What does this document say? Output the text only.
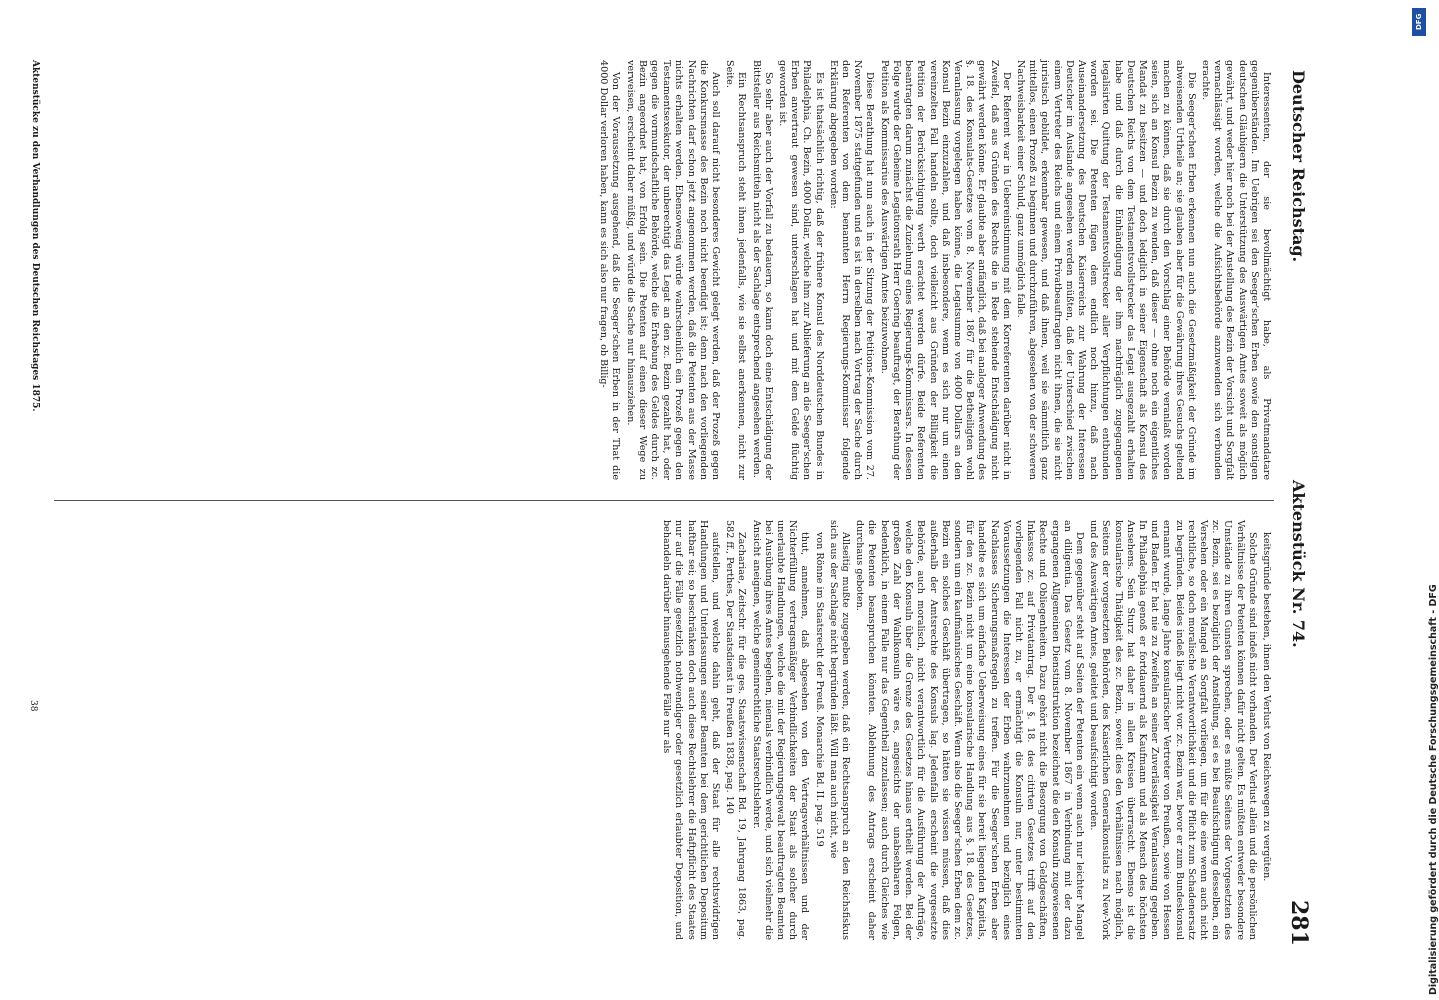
Deutscher Reichstag.
Aktenstück Nr. 74.
281

Interessenten, der sie bevollmächtigt habe, als Privatmandatare gegenüberständen. Im Uebrigen sei den Seeger'schen Erben sowie den sonstigen deutschen Gläubigern die Unterstützung des Auswärtigen Amtes soweit als möglich gewährt, und weder hier noch bei der Anstellung des Bezin der Vorsicht und Sorgfalt vernachlässigt worden, welche die Aufsichtsbehörde anzuwenden sich verbunden erachte.

Die Seeger'schen Erben erkennen nun auch die Gesetzmäßigkeit der Gründe im abweisenden Urtheile an; sie glauben aber für die Gewährung ihres Gesuchs geltend machen zu können, daß sie durch den Vorschlag einer Behörde veranlaßt worden seien, sich an Konsul Bezin zu wenden, daß dieser — ohne noch ein eigentliches Mandat zu besitzen — und doch lediglich in seiner Eigenschaft als Konsul des Deutschen Reichs von dem Testamentsvollstrecker das Legat ausgezahlt erhalten habe und daß durch die Einhändigung der ihm nachträglich zugegangenen legalisirten Quittung der Testamentsvollstrecker aller Verpflichtungen entbunden worden sei. Die Petenten fügen dem endlich noch hinzu, daß nach Auseinandersetzung des Deutschen Kaiserreichs zur Wahrung der Interessen Deutscher im Auslande angesehen werden müßten, daß der Unterschied zwischen einem Vertreter des Reichs und einem Privatbeauftragten nicht ihnen, die sie nicht juristisch gebildet, erkennbar gewesen, und daß ihnen, weil sie sämmtlich ganz mittellos, einen Prozeß zu beginnen und durchzuführen, abgesehen von der schweren Nachweisbarkeit einer Schuld, ganz unmöglich falle.

Der Referent war in Uebereinstimmung mit dem Korreferenten darüber nicht in Zweifel, daß aus Gründen des Rechts die in Rede stehende Entschädigung nicht gewährt werden könne. Er glaubte aber anfänglich, daß bei analoger Anwendung des §. 18. des Konsulats-Gesetzes vom 8. November 1867 für die Betheiligten wohl Veranlassung vorgelegen haben könne, die Legatsumme von 4000 Dollars an den Konsul Bezin einzuzahlen, und daß insbesondere, wenn es sich nur um einen vereinzelten Fall handeln sollte, doch vielleicht aus Gründen der Billigkeit die Petition der Berücksichtigung werth erachtet werden dürfe. Beide Referenten beantragten darum zunächst die Zuziehung eines Regierungs-Kommissars. In dessen Folge wurde der Geheime Legationsrath Herr Goering beauftragt, der Berathung der Petition als Kommissarius des Auswärtigen Amtes beizuwohnen.

Diese Berathung hat nun auch in der Sitzung der Petitions-Kommission vom 27. November 1875 stattgefunden und es ist in derselben nach Vortrag der Sache durch den Referenten von dem benannten Herrn Regierungs-Kommissar folgende Erklärung abgegeben worden:

Es ist thatsächlich richtig, daß der frühere Konsul des Norddeutschen Bundes in Philadelphia, Ch. Bezin, 4000 Dollar, welche ihm zur Ablieferung an die Seeger'schen Erben anvertraut gewesen sind, unterschlagen hat und mit dem Gelde flüchtig geworden ist.

So sehr aber auch der Vorfall zu bedauern, so kann doch eine Entschädigung der Bittsteller aus Reichsmitteln nicht als der Sachlage entsprechend angesehen werden.

Ein Rechtsanspruch steht ihnen jedenfalls, wie sie selbst anerkennen, nicht zur Seite.

Auch soll darauf nicht besonderes Gewicht gelegt werden, daß der Prozeß gegen die Konkursmasse des Bezin noch nicht beendigt ist; denn nach den vorliegenden Nachrichten darf schon jetzt angenommen werden, daß die Petenten aus der Masse nichts erhalten werden. Ebensowenig würde wahrscheinlich ein Prozeß gegen den Testamentsexekutor, der unberechtigt das Legat an den zc. Bezin gezahlt hat, oder gegen die vormundschaftliche Behörde, welche die Erhebung des Geldes durch zc. Bezin angeordnet hat, von Erfolg sein. Die Petenten auf einen dieser Wege zu verweisen, erscheint daher müßig, und würde die Sache nur hinausziehen.

Von der Voraussetzung ausgehend, daß die Seeger'schen Erben in der That die 4000 Dollar verloren haben, kann es sich also nur fragen, ob Billig-

keitsgründe bestehen, ihnen den Verlust von Reichswegen zu vergüten.

Solche Gründe sind indeß nicht vorhanden. Der Verlust allein und die persönlichen Verhältnisse der Petenten können dafür nicht gelten. Es müßten entweder besondere Umstände zu ihren Gunsten sprechen, oder es müßte Seitens der Vorgesetzten des zc. Bezin, sei es bezüglich der Anstellung, sei es bei Beaufsichtigung desselben, ein Versehen oder ein Mangel an Sorgfalt vorliegen, um für die eine wenn auch nicht rechtliche, so doch moralische Verantwortlichkeit und die Pflicht zum Schadenersatz zu begründen. Beides indeß liegt nicht vor. zc. Bezin war, bevor er zum Bundeskonsul ernannt wurde, lange Jahre konsularischer Vertreter von Preußen, sowie von Hessen und Baden. Er hat nie zu Zweifeln an seiner Zuverlässigkeit Veranlassung gegeben. In Philadelphia genoß er fortdauernd als Kaufmann und als Mensch des höchsten Ansehens. Sein Sturz hat daher in allen Kreisen überrascht. Ebenso ist die konsularische Thätigkeit des zc. Bezin, soweit dies den Verhältnissen nach möglich, Seitens der vorgesetzten Behörden, des Kaiserlichen Generalkonsulats zu New-York und des Auswärtigen Amtes, geleitet und beaufsichtigt worden.

Dem gegenüber steht auf Seiten der Petenten ein wenn auch nur leichter Mangel an diligentia. Das Gesetz vom 8. November 1867 in Verbindung mit der dazu ergangenen Allgemeinen Dienstinstruktion bezeichnet die den Konsuln zugewiesenen Rechte und Obliegenheiten. Dazu gehört nicht die Besorgung von Geldgeschäften, Inkassos zc. auf Privatantrag. Der §. 18. des citirten Gesetzes trifft auf den vorliegenden Fall nicht zu, er ermächtigt die Konsuln nur, unter bestimmten Voraussetzungen die Interessen der Erben wahrzunehmen und bezüglich eines Nachlasses Sicherungsmaßregeln zu treffen. Für die Seeger'schen Erben aber handelte es sich um einfache Ueberweisung eines für sie bereit liegenden Kapitals, für den zc. Bezin nicht um eine konsularische Handlung aus §. 18. des Gesetzes, sondern um ein kaufmännisches Geschäft. Wenn also die Seeger'schen Erben dem zc. Bezin ein solches Geschäft übertragen, so hätten sie wissen müssen, daß dies außerhalb der Amtsrechte des Konsuls lag. Jedenfalls erscheint die vorgesetzte Behörde, auch moralisch, nicht verantwortlich für die Ausführung der Aufträge, welche den Konsuln über die Grenze des Gesetzes hinaus ertheilt werden. Bei der großen Zahl der Wahlkonsuln wäre es, angesichts der unabsehbaren Folgen, bedenklich, in einem Falle nur das Gegentheil zuzulassen; auch durch Gleiches wie die Petenten beanspruchen könnten. Ablehnung des Antrags erscheint daher durchaus geboten.

Allseitig mußte zugegeben werden, daß ein Rechtsanspruch an den Reichsfiskus sich aus der Sachlage nicht begründen läßt. Will man auch nicht, wie

von Rönne im Staatsrecht der Preuß. Monarchie Bd. II. pag. 519

thut, annehmen, daß abgesehen von den Vertragsverhältnissen und der Nichterfüllung vertragsmäßiger Verbindlichkeiten der Staat als solcher durch unerlaubte Handlungen, welche die mit der Regierungsgewalt beauftragten Beamten bei Ausübung ihres Amtes begehen, niemals verbindlich werde, und sich vielmehr die Ansicht aneignen, welche gemeinrechtliche Staatsrechtslehrer.

Zachariae, Zeitschr. für die ges. Staatswissenschaft Bd. 19, Jahrgang 1863, pag. 582 ff., Perthes, Der Staatsdienst in Preußen 1838, pag. 140

aufstellen, und welche dahin geht, daß der Staat für alle rechtswidrigen Handlungen und Unterlassungen seiner Beamten bei dem gerichtlichen Depositum haftbar sei; so beschränken doch auch diese Rechtslehrer die Haftpflicht des Staates nur auf die Fälle gesetzlich nothwendiger oder gesetzlich erlaubter Deposition, und behandeln darüber hinausgehende Fälle nur als

Aktenstücke zu den Verhandlungen des Deutschen Reichstages 1875.
38
DFG
Digitalisierung gefördert durch die Deutsche Forschungsgemeinschaft - DFG
